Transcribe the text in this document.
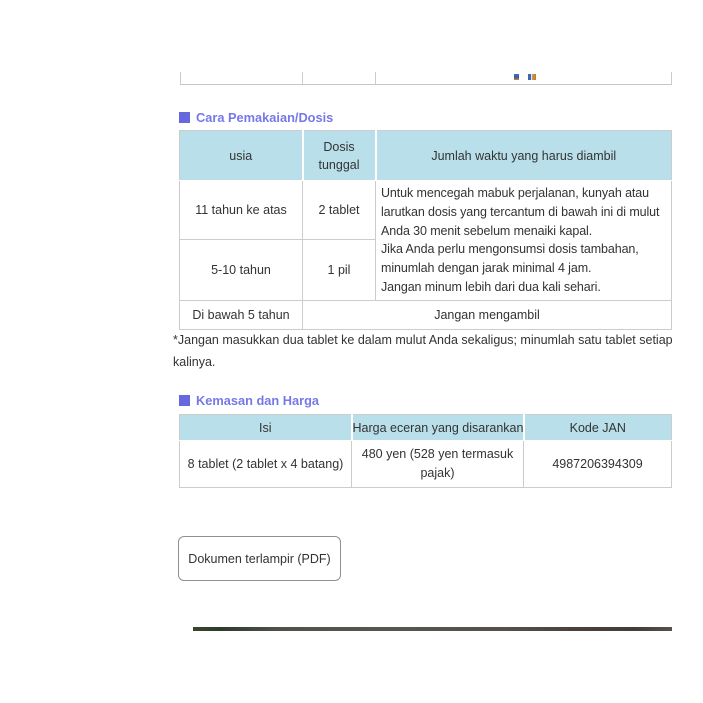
Cara Pemakaian/Dosis
usia	Dosis tunggal	Jumlah waktu yang harus diambil
11 tahun ke atas	2 tablet	Untuk mencegah mabuk perjalanan, kunyah atau larutkan dosis yang tercantum di bawah ini di mulut Anda 30 menit sebelum menaiki kapal.
Jika Anda perlu mengonsumsi dosis tambahan, minumlah dengan jarak minimal 4 jam.
Jangan minum lebih dari dua kali sehari.

5-10 tahun	1 pil	
Di bawah 5 tahun	Jangan mengambil	
*Jangan masukkan dua tablet ke dalam mulut Anda sekaligus; minumlah satu tablet setiap
kalinya.
Kemasan dan Harga
Isi	Harga eceran yang disarankan	Kode JAN
8 tablet (2 tablet x 4 batang)	480 yen (528 yen termasuk pajak)	4987206394309
Dokumen terlampir (PDF)
